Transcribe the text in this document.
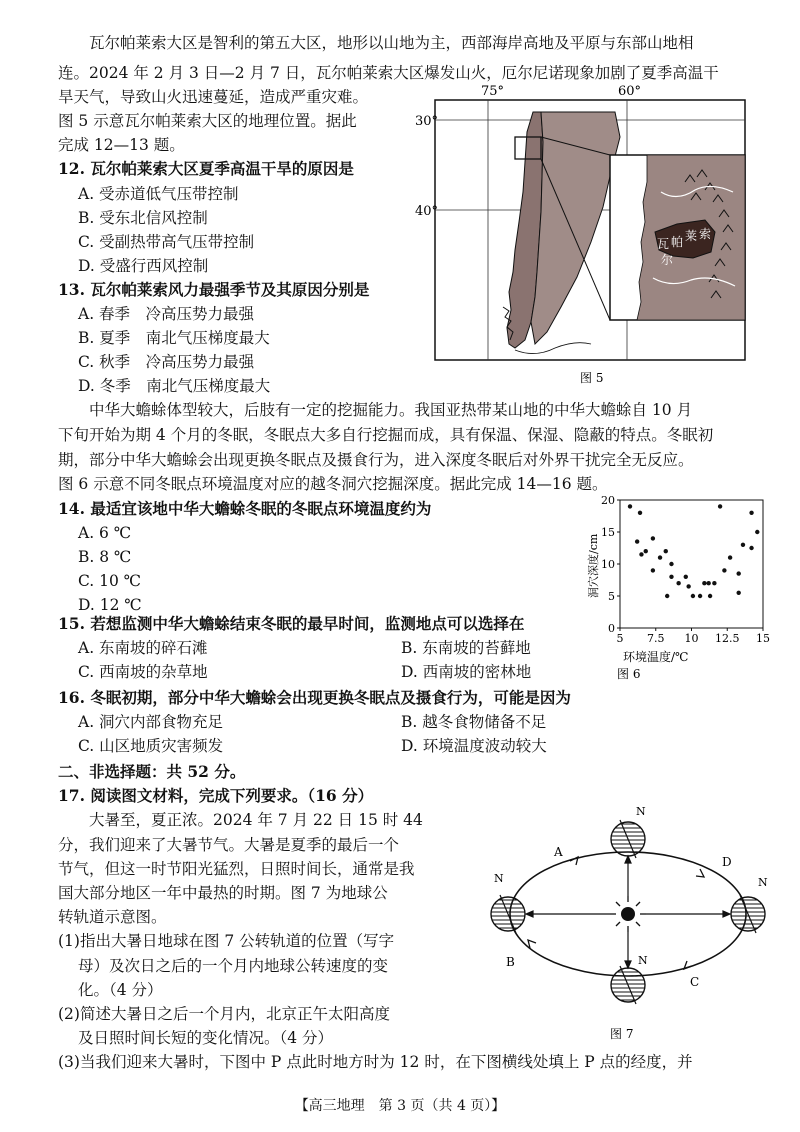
瓦尔帕莱索大区是智利的第五大区，地形以山地为主，西部海岸高地及平原与东部山地相
连。2024 年 2 月 3 日—2 月 7 日，瓦尔帕莱索大区爆发山火，厄尔尼诺现象加剧了夏季高温干
旱天气，导致山火迅速蔓延，造成严重灾难。
图 5 示意瓦尔帕莱索大区的地理位置。据此
完成 12—13 题。
12. 瓦尔帕莱索大区夏季高温干旱的原因是
A. 受赤道低气压带控制
B. 受东北信风控制
C. 受副热带高气压带控制
D. 受盛行西风控制
13. 瓦尔帕莱索风力最强季节及其原因分别是
A. 春季　冷高压势力最强
B. 夏季　南北气压梯度最大
C. 秋季　冷高压势力最强
D. 冬季　南北气压梯度最大
75°	60°
30°
40°
瓦
尔
帕 莱 索
图 5
中华大蟾蜍体型较大，后肢有一定的挖掘能力。我国亚热带某山地的中华大蟾蜍自 10 月
下旬开始为期 4 个月的冬眠，冬眠点大多自行挖掘而成，具有保温、保湿、隐蔽的特点。冬眠初
期，部分中华大蟾蜍会出现更换冬眠点及摄食行为，进入深度冬眠后对外界干扰完全无反应。
图 6 示意不同冬眠点环境温度对应的越冬洞穴挖掘深度。据此完成 14—16 题。
14. 最适宜该地中华大蟾蜍冬眠的冬眠点环境温度约为
A. 6 ℃
B. 8 ℃
C. 10 ℃
D. 12 ℃
5 7.5 10 12.5 15
0
5
10
15
20
环境温度/℃
洞穴深度/cm
图 6
15. 若想监测中华大蟾蜍结束冬眠的最早时间，监测地点可以选择在
A. 东南坡的碎石滩	B. 东南坡的苔藓地
C. 西南坡的杂草地	D. 西南坡的密林地
16. 冬眠初期，部分中华大蟾蜍会出现更换冬眠点及摄食行为，可能是因为
A. 洞穴内部食物充足	B. 越冬食物储备不足
C. 山区地质灾害频发	D. 环境温度波动较大
二、非选择题：共 52 分。
17. 阅读图文材料，完成下列要求。（16 分）
大暑至，夏正浓。2024 年 7 月 22 日 15 时 44
分，我们迎来了大暑节气。大暑是夏季的最后一个
节气，但这一时节阳光猛烈，日照时间长，通常是我
国大部分地区一年中最热的时期。图 7 为地球公
转轨道示意图。
(1)指出大暑日地球在图 7 公转轨道的位置（写字
母）及次日之后的一个月内地球公转速度的变
化。（4 分）
(2)简述大暑日之后一个月内，北京正午太阳高度
及日照时间长短的变化情况。（4 分）
(3)当我们迎来大暑时，下图中 P 点此时地方时为 12 时，在下图横线处填上 P 点的经度，并
N
N	N
N
A
B
C
D
图 7
【高三地理　第 3 页（共 4 页）】
